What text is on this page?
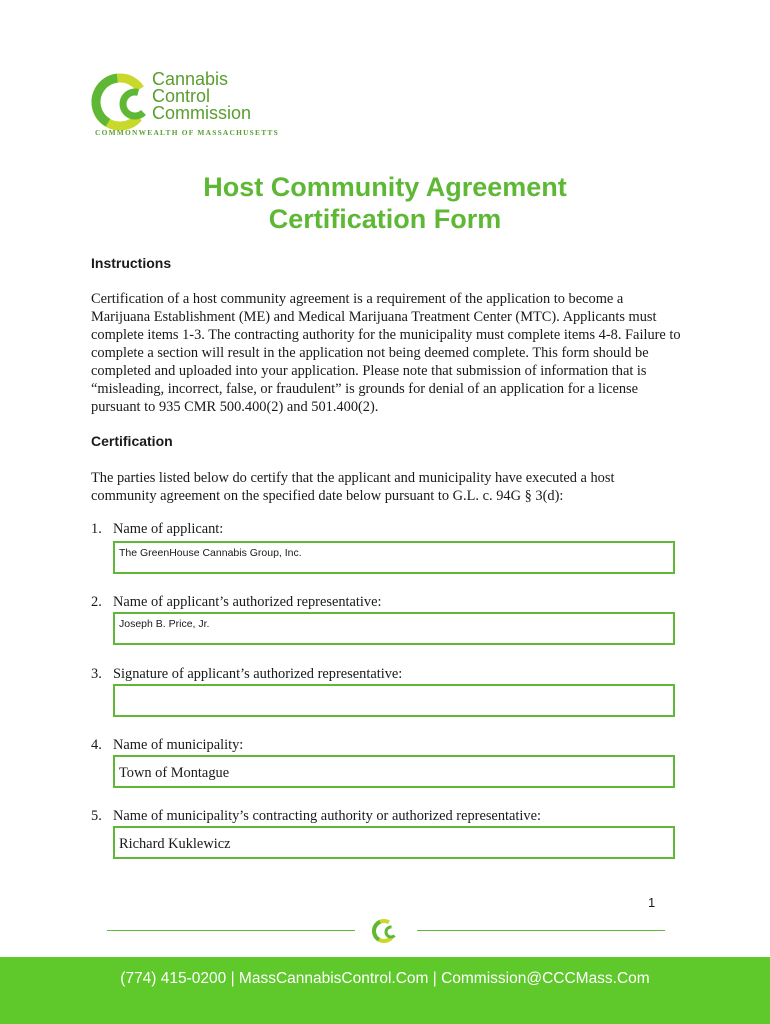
Cannabis
Control
Commission
COMMONWEALTH OF MASSACHUSETTS
Host Community Agreement
Certification Form
Instructions
Certification of a host community agreement is a requirement of the application to become a Marijuana Establishment (ME) and Medical Marijuana Treatment Center (MTC). Applicants must complete items 1-3. The contracting authority for the municipality must complete items 4-8. Failure to complete a section will result in the application not being deemed complete. This form should be completed and uploaded into your application. Please note that submission of information that is “misleading, incorrect, false, or fraudulent” is grounds for denial of an application for a license pursuant to 935 CMR 500.400(2) and 501.400(2).
Certification
The parties listed below do certify that the applicant and municipality have executed a host community agreement on the specified date below pursuant to G.L. c. 94G § 3(d):
1. Name of applicant:
The GreenHouse Cannabis Group, Inc.
2. Name of applicant’s authorized representative:
Joseph B. Price, Jr.
3. Signature of applicant’s authorized representative:
4. Name of municipality:
Town of Montague
5. Name of municipality’s contracting authority or authorized representative:
Richard Kuklewicz
1
(774) 415-0200 | MassCannabisControl.Com | Commission@CCCMass.Com
